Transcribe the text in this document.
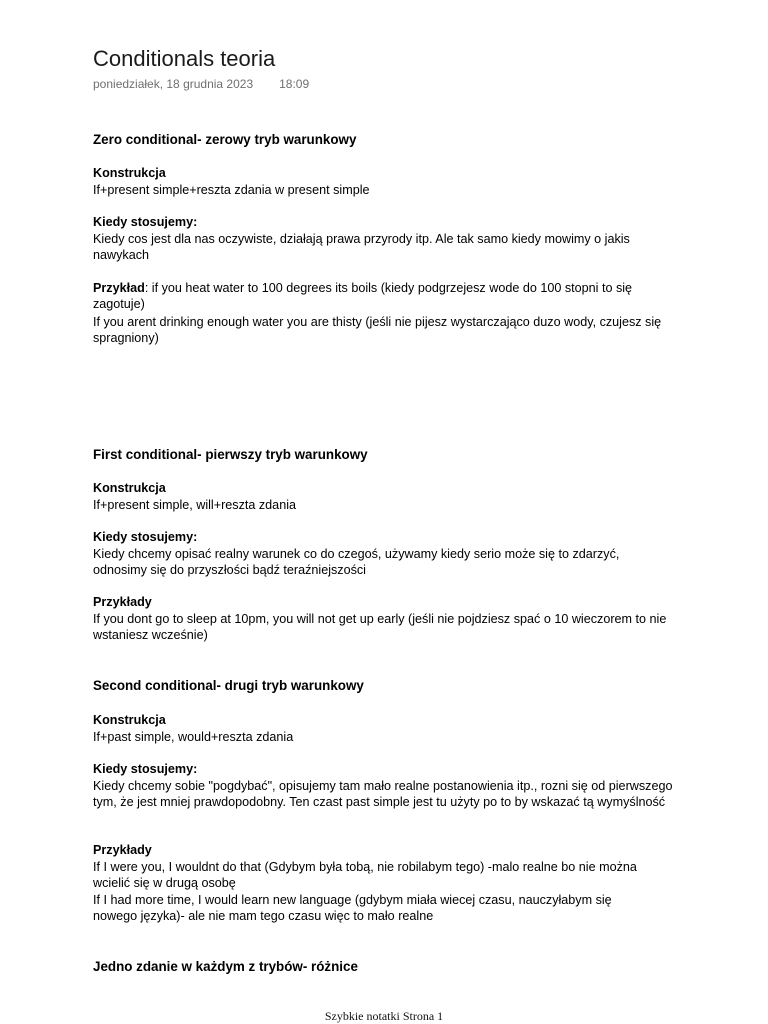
Conditionals teoria
poniedziałek, 18 grudnia 2023 18:09
Zero conditional- zerowy tryb warunkowy
Konstrukcja
If+present simple+reszta zdania w present simple
Kiedy stosujemy:
Kiedy cos jest dla nas oczywiste, działają prawa przyrody itp. Ale tak samo kiedy mowimy o jakis nawykach
Przykład: if you heat water to 100 degrees its boils (kiedy podgrzejesz wode do 100 stopni to się zagotuje)
If you arent drinking enough water you are thisty (jeśli nie pijesz wystarczająco duzo wody, czujesz się spragniony)
First conditional- pierwszy tryb warunkowy
Konstrukcja
If+present simple, will+reszta zdania
Kiedy stosujemy:
Kiedy chcemy opisać realny warunek co do czegoś, używamy kiedy serio może się to zdarzyć, odnosimy się do przyszłości bądź teraźniejszości
Przykłady
If you dont go to sleep at 10pm, you will not get up early (jeśli nie pojdziesz spać o 10 wieczorem to nie wstaniesz wcześnie)
Second conditional- drugi tryb warunkowy
Konstrukcja
If+past simple, would+reszta zdania
Kiedy stosujemy:
Kiedy chcemy sobie "pogdybać", opisujemy tam mało realne postanowienia itp., rozni się od pierwszego tym, że jest mniej prawdopodobny. Ten czast past simple jest tu użyty po to by wskazać tą wymyślność
Przykłady
If I were you, I wouldnt do that (Gdybym była tobą, nie robilabym tego) -malo realne bo nie można wcielić się w drugą osobę
If I had more time, I would learn new language (gdybym miała wiecej czasu, nauczyłabym się nowego języka)- ale nie mam tego czasu więc to mało realne
Jedno zdanie w każdym z trybów- różnice
Szybkie notatki Strona 1
